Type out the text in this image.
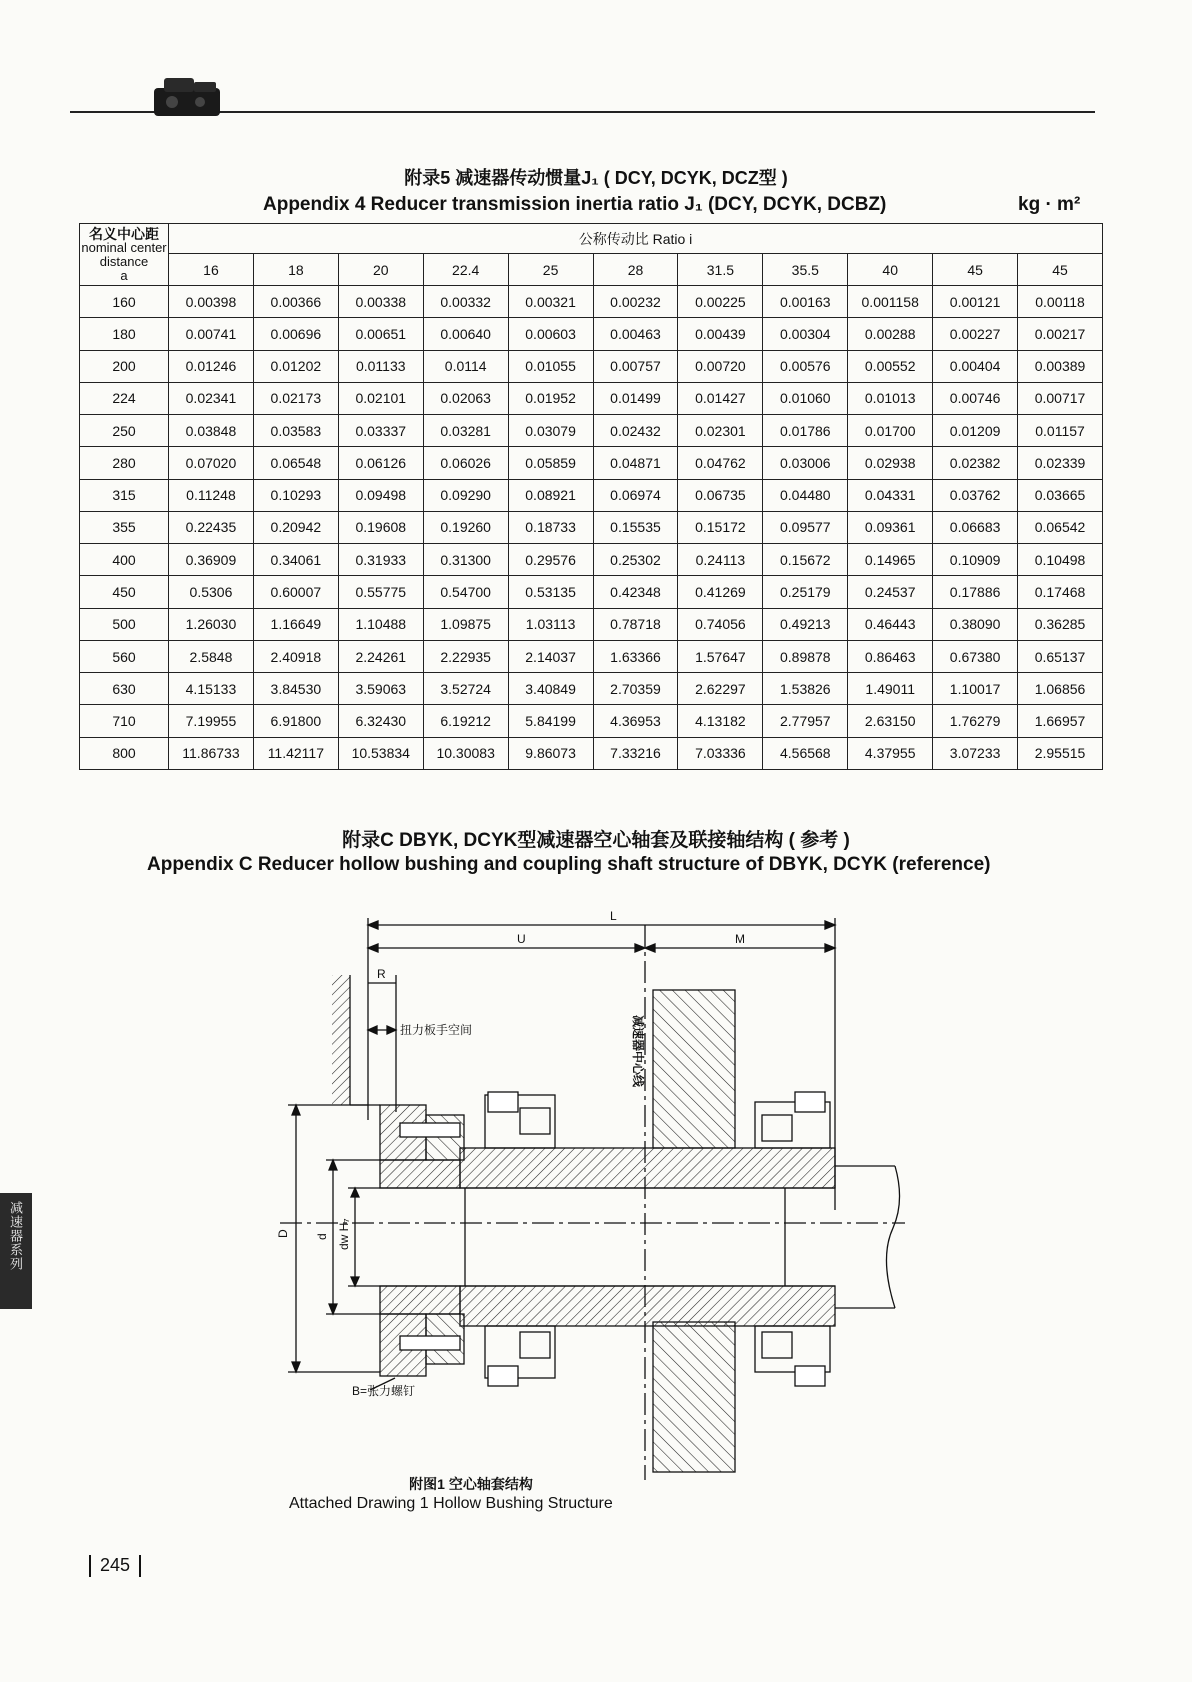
减速器系列
附录5 减速器传动惯量J₁ ( DCY, DCYK, DCZ型 )
Appendix 4 Reducer transmission inertia ratio J₁ (DCY, DCYK, DCBZ)	kg · m²
名义中心距
nominal center distance
a	公称传动比 Ratio i										
	16	18	20	22.4	25	28	31.5	35.5	40	45	45
160	0.00398	0.00366	0.00338	0.00332	0.00321	0.00232	0.00225	0.00163	0.001158	0.00121	0.00118
180	0.00741	0.00696	0.00651	0.00640	0.00603	0.00463	0.00439	0.00304	0.00288	0.00227	0.00217
200	0.01246	0.01202	0.01133	0.0114	0.01055	0.00757	0.00720	0.00576	0.00552	0.00404	0.00389
224	0.02341	0.02173	0.02101	0.02063	0.01952	0.01499	0.01427	0.01060	0.01013	0.00746	0.00717
250	0.03848	0.03583	0.03337	0.03281	0.03079	0.02432	0.02301	0.01786	0.01700	0.01209	0.01157
280	0.07020	0.06548	0.06126	0.06026	0.05859	0.04871	0.04762	0.03006	0.02938	0.02382	0.02339
315	0.11248	0.10293	0.09498	0.09290	0.08921	0.06974	0.06735	0.04480	0.04331	0.03762	0.03665
355	0.22435	0.20942	0.19608	0.19260	0.18733	0.15535	0.15172	0.09577	0.09361	0.06683	0.06542
400	0.36909	0.34061	0.31933	0.31300	0.29576	0.25302	0.24113	0.15672	0.14965	0.10909	0.10498
450	0.5306	0.60007	0.55775	0.54700	0.53135	0.42348	0.41269	0.25179	0.24537	0.17886	0.17468
500	1.26030	1.16649	1.10488	1.09875	1.03113	0.78718	0.74056	0.49213	0.46443	0.38090	0.36285
560	2.5848	2.40918	2.24261	2.22935	2.14037	1.63366	1.57647	0.89878	0.86463	0.67380	0.65137
630	4.15133	3.84530	3.59063	3.52724	3.40849	2.70359	2.62297	1.53826	1.49011	1.10017	1.06856
710	7.19955	6.91800	6.32430	6.19212	5.84199	4.36953	4.13182	2.77957	2.63150	1.76279	1.66957
800	11.86733	11.42117	10.53834	10.30083	9.86073	7.33216	7.03336	4.56568	4.37955	3.07233	2.95515
附录C DBYK, DCYK型减速器空心轴套及联接轴结构 ( 参考 )
Appendix C Reducer hollow bushing and coupling shaft structure of DBYK, DCYK (reference)
L
U	M
R
扭力板手空间	减速器中心线
D d dw H₇
B=张力螺钉
附图1 空心轴套结构
Attached Drawing 1 Hollow Bushing Structure
245
